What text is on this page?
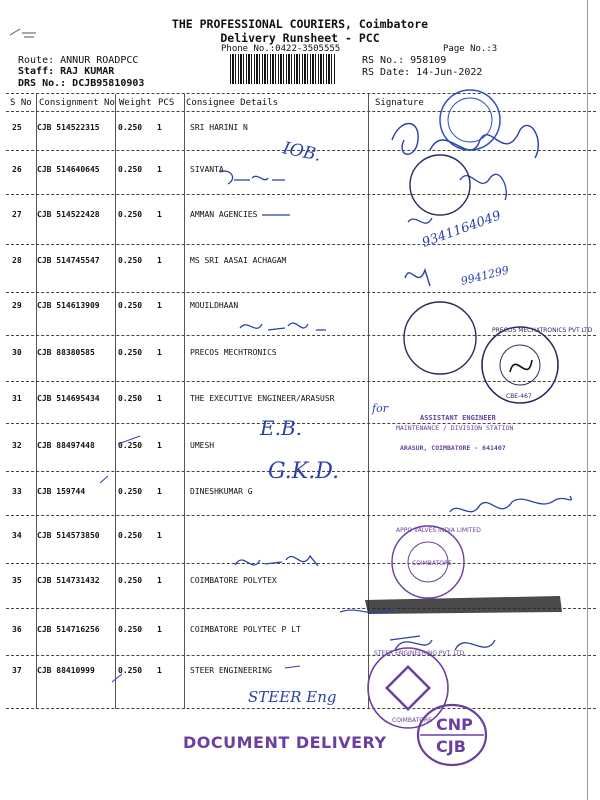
THE PROFESSIONAL COURIERS, Coimbatore
Delivery Runsheet - PCC
Phone No.:0422-3505555	Page No.:3
Route: ANNUR ROADPCC
Staff: RAJ KUMAR
DRS No.: DCJB95810903
RS No.: 958109
RS Date: 14-Jun-2022
S No Consignment No Weight PCS Consignee Details	Signature
25 CJB 514522315 0.250 1	SRI HARINI N
26 CJB 514640645 0.250 1	SIVANTA
27 CJB 514522428 0.250 1	AMMAN AGENCIES
28 CJB 514745547 0.250 1	MS SRI AASAI ACHAGAM
29 CJB 514613909 0.250 1	MOUILDHAAN
30 CJB 88380585	0.250 1	PRECOS MECHTRONICS
31 CJB 514695434 0.250 1	THE EXECUTIVE ENGINEER/ARASUSR
32 CJB 88497448	0.250 1	UMESH
33 CJB 159744	0.250 1	DINESHKUMAR G
34 CJB 514573850 0.250 1
35 CJB 514731432 0.250 1	COIMBATORE POLYTEX
36 CJB 514716256 0.250 1	COIMBATORE POLYTEC P LT
37 CJB 88410999	0.250 1	STEER ENGINEERING
IOB.
9341164049
9941299
PRECOS MECHATRONICS PVT LTD
CBE-467
for
ASSISTANT ENGINEER
MAINTENANCE / DIVISION STATION
ARASUR, COIMBATORE - 641407
E.B.
G.K.D.
APPO VALVES INDIA LIMITED
COIMBATORE
STEER ENGINEERING PVT. LTD.
COIMBATORE
STEER Eng
CNP
CJB
DOCUMENT DELIVERY
